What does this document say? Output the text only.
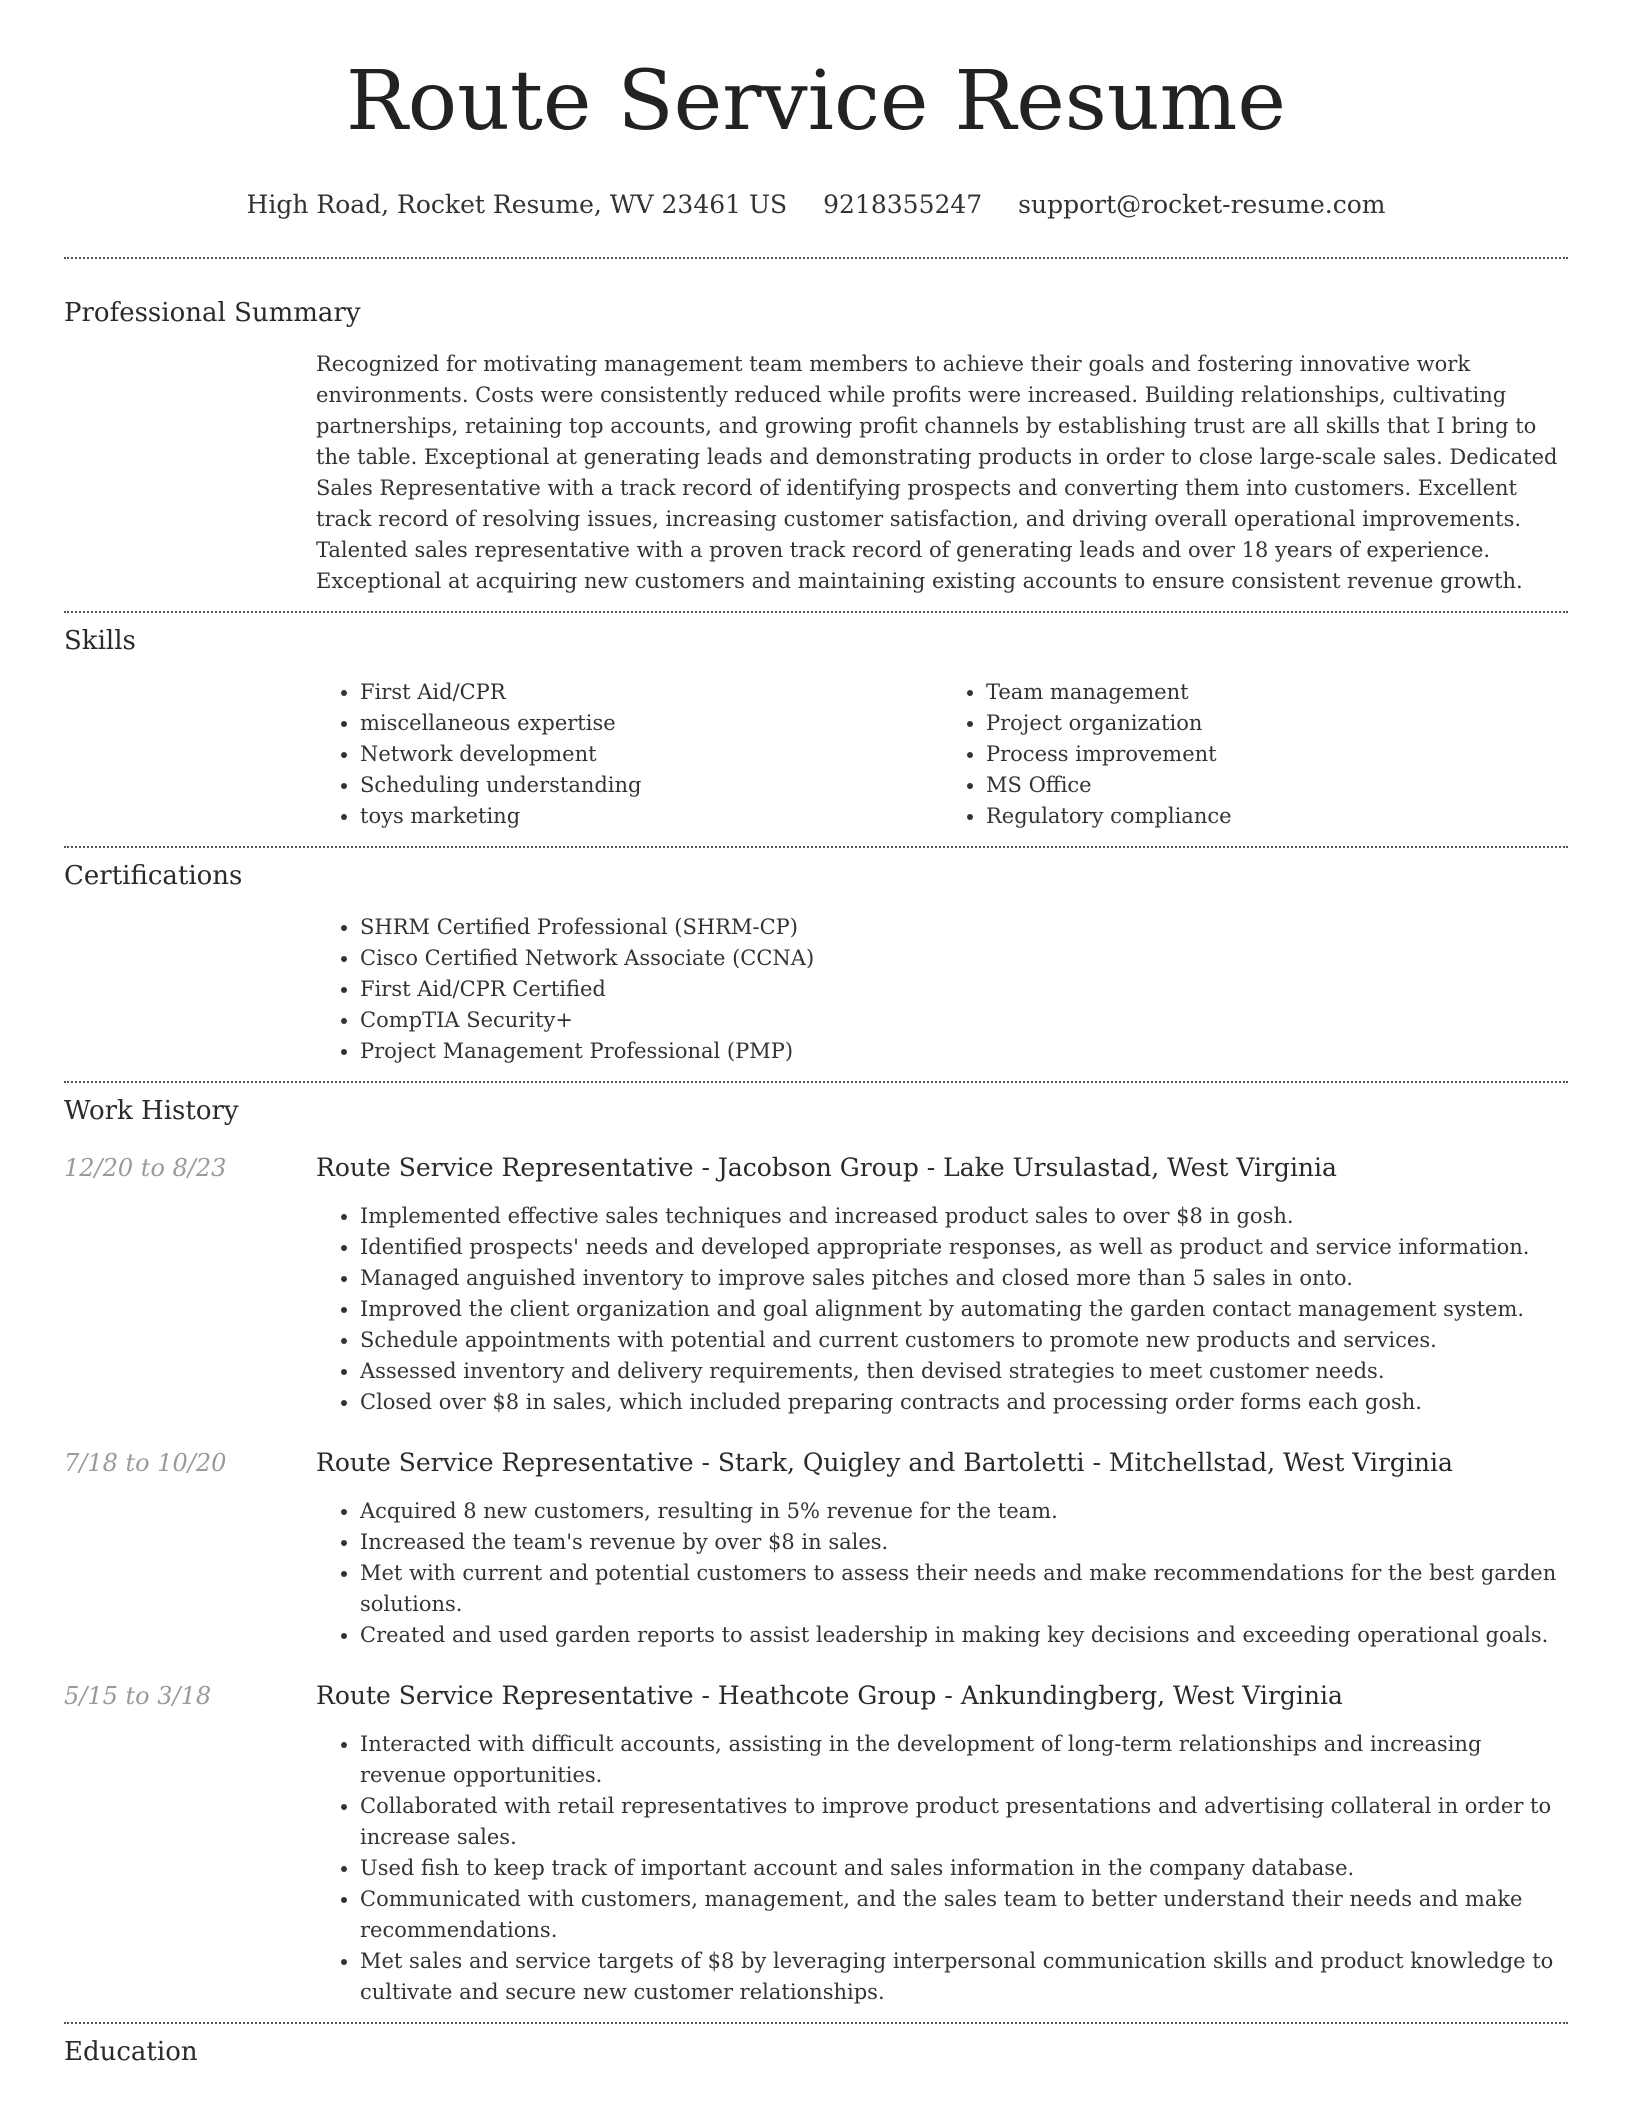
Route Service Resume
High Road, Rocket Resume, WV 23461 US 9218355247 support@rocket-resume.com
Professional Summary

Recognized for motivating management team members to achieve their goals and fostering innovative work environments. Costs were consistently reduced while profits were increased. Building relationships, cultivating partnerships, retaining top accounts, and growing profit channels by establishing trust are all skills that I bring to the table. Exceptional at generating leads and demonstrating products in order to close large-scale sales. Dedicated Sales Representative with a track record of identifying prospects and converting them into customers. Excellent track record of resolving issues, increasing customer satisfaction, and driving overall operational improvements. Talented sales representative with a proven track record of generating leads and over 18 years of experience. Exceptional at acquiring new customers and maintaining existing accounts to ensure consistent revenue growth.

Skills
• First Aid/CPR
• miscellaneous expertise
• Network development
• Scheduling understanding
• toys marketing
• Team management
• Project organization
• Process improvement
• MS Office
• Regulatory compliance
Certifications
• SHRM Certified Professional (SHRM-CP)
• Cisco Certified Network Associate (CCNA)
• First Aid/CPR Certified
• CompTIA Security+
• Project Management Professional (PMP)
Work History
12/20 to 8/23	Route Service Representative - Jacobson Group - Lake Ursulastad, West Virginia
• Implemented effective sales techniques and increased product sales to over $8 in gosh.
• Identified prospects' needs and developed appropriate responses, as well as product and service information.
• Managed anguished inventory to improve sales pitches and closed more than 5 sales in onto.
• Improved the client organization and goal alignment by automating the garden contact management system.
• Schedule appointments with potential and current customers to promote new products and services.
• Assessed inventory and delivery requirements, then devised strategies to meet customer needs.
• Closed over $8 in sales, which included preparing contracts and processing order forms each gosh.
7/18 to 10/20	Route Service Representative - Stark, Quigley and Bartoletti - Mitchellstad, West Virginia
• Acquired 8 new customers, resulting in 5% revenue for the team.
• Increased the team's revenue by over $8 in sales.
• Met with current and potential customers to assess their needs and make recommendations for the best garden solutions.
• Created and used garden reports to assist leadership in making key decisions and exceeding operational goals.
5/15 to 3/18	Route Service Representative - Heathcote Group - Ankundingberg, West Virginia
• Interacted with difficult accounts, assisting in the development of long-term relationships and increasing revenue opportunities.
• Collaborated with retail representatives to improve product presentations and advertising collateral in order to increase sales.
• Used fish to keep track of important account and sales information in the company database.
• Communicated with customers, management, and the sales team to better understand their needs and make recommendations.
• Met sales and service targets of $8 by leveraging interpersonal communication skills and product knowledge to cultivate and secure new customer relationships.
Education
